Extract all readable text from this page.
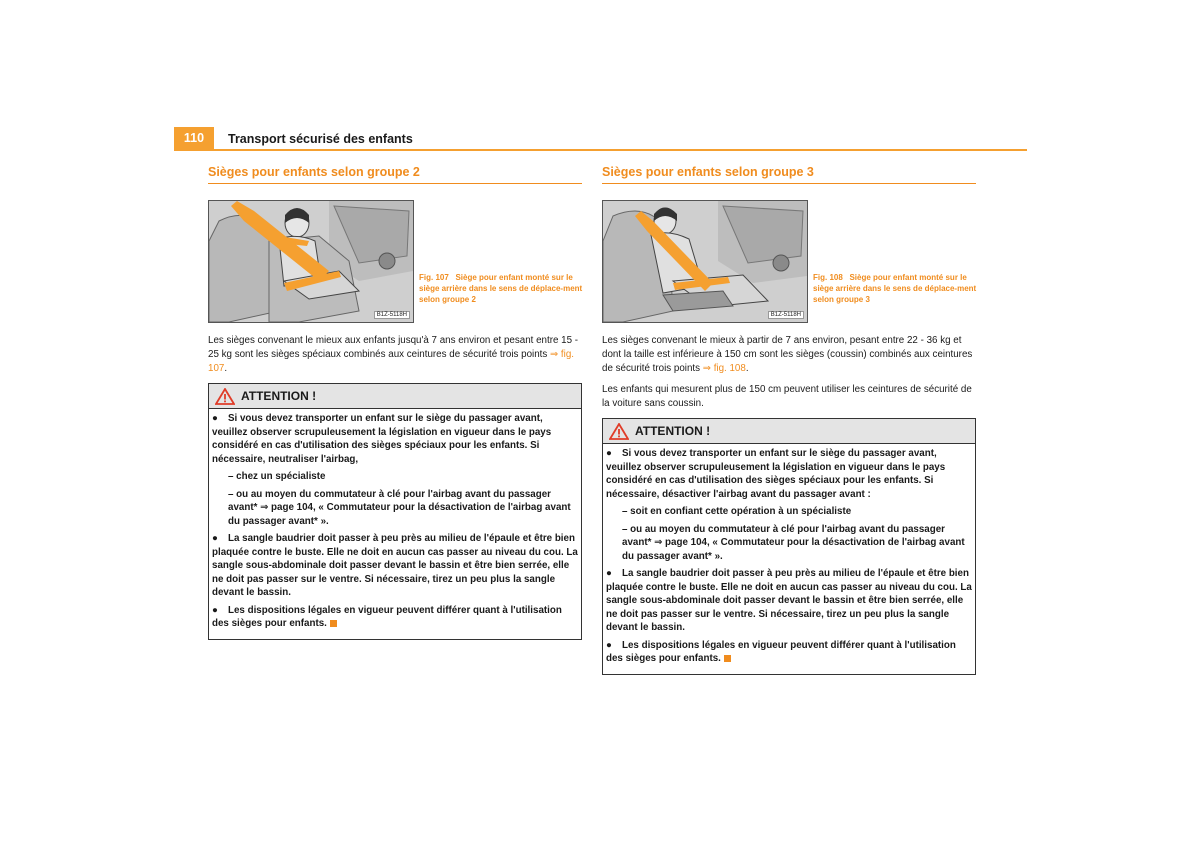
110	Transport sécurisé des enfants
Sièges pour enfants selon groupe 2
B1Z-5118H
Fig. 107 Siège pour enfant monté sur le siège arrière dans le sens de déplace-ment selon groupe 2

Les sièges convenant le mieux aux enfants jusqu'à 7 ans environ et pesant entre 15 - 25 kg sont les sièges spéciaux combinés aux ceintures de sécurité trois points ⇒ fig. 107.

ATTENTION !
● Si vous devez transporter un enfant sur le siège du passager avant, veuillez observer scrupuleusement la législation en vigueur dans le pays considéré en cas d'utilisation des sièges spéciaux pour les enfants. Si nécessaire, neutraliser l'airbag,
– chez un spécialiste
– ou au moyen du commutateur à clé pour l'airbag avant du passager avant* ⇒ page 104, « Commutateur pour la désactivation de l'airbag avant du passager avant* ».
● La sangle baudrier doit passer à peu près au milieu de l'épaule et être bien plaquée contre le buste. Elle ne doit en aucun cas passer au niveau du cou. La sangle sous-abdominale doit passer devant le bassin et être bien serrée, elle ne doit pas passer sur le ventre. Si nécessaire, tirez un peu plus la sangle devant le bassin.
● Les dispositions légales en vigueur peuvent différer quant à l'utilisation des sièges pour enfants.
Sièges pour enfants selon groupe 3
B1Z-5118H
Fig. 108 Siège pour enfant monté sur le siège arrière dans le sens de déplace-ment selon groupe 3

Les sièges convenant le mieux à partir de 7 ans environ, pesant entre 22 - 36 kg et dont la taille est inférieure à 150 cm sont les sièges (coussin) combinés aux ceintures de sécurité trois points ⇒ fig. 108.

Les enfants qui mesurent plus de 150 cm peuvent utiliser les ceintures de sécurité de la voiture sans coussin.

ATTENTION !
● Si vous devez transporter un enfant sur le siège du passager avant, veuillez observer scrupuleusement la législation en vigueur dans le pays considéré en cas d'utilisation des sièges spéciaux pour les enfants. Si nécessaire, désactiver l'airbag avant du passager avant :
– soit en confiant cette opération à un spécialiste
– ou au moyen du commutateur à clé pour l'airbag avant du passager avant* ⇒ page 104, « Commutateur pour la désactivation de l'airbag avant du passager avant* ».
● La sangle baudrier doit passer à peu près au milieu de l'épaule et être bien plaquée contre le buste. Elle ne doit en aucun cas passer au niveau du cou. La sangle sous-abdominale doit passer devant le bassin et être bien serrée, elle ne doit pas passer sur le ventre. Si nécessaire, tirez un peu plus la sangle devant le bassin.
● Les dispositions légales en vigueur peuvent différer quant à l'utilisation des sièges pour enfants.
